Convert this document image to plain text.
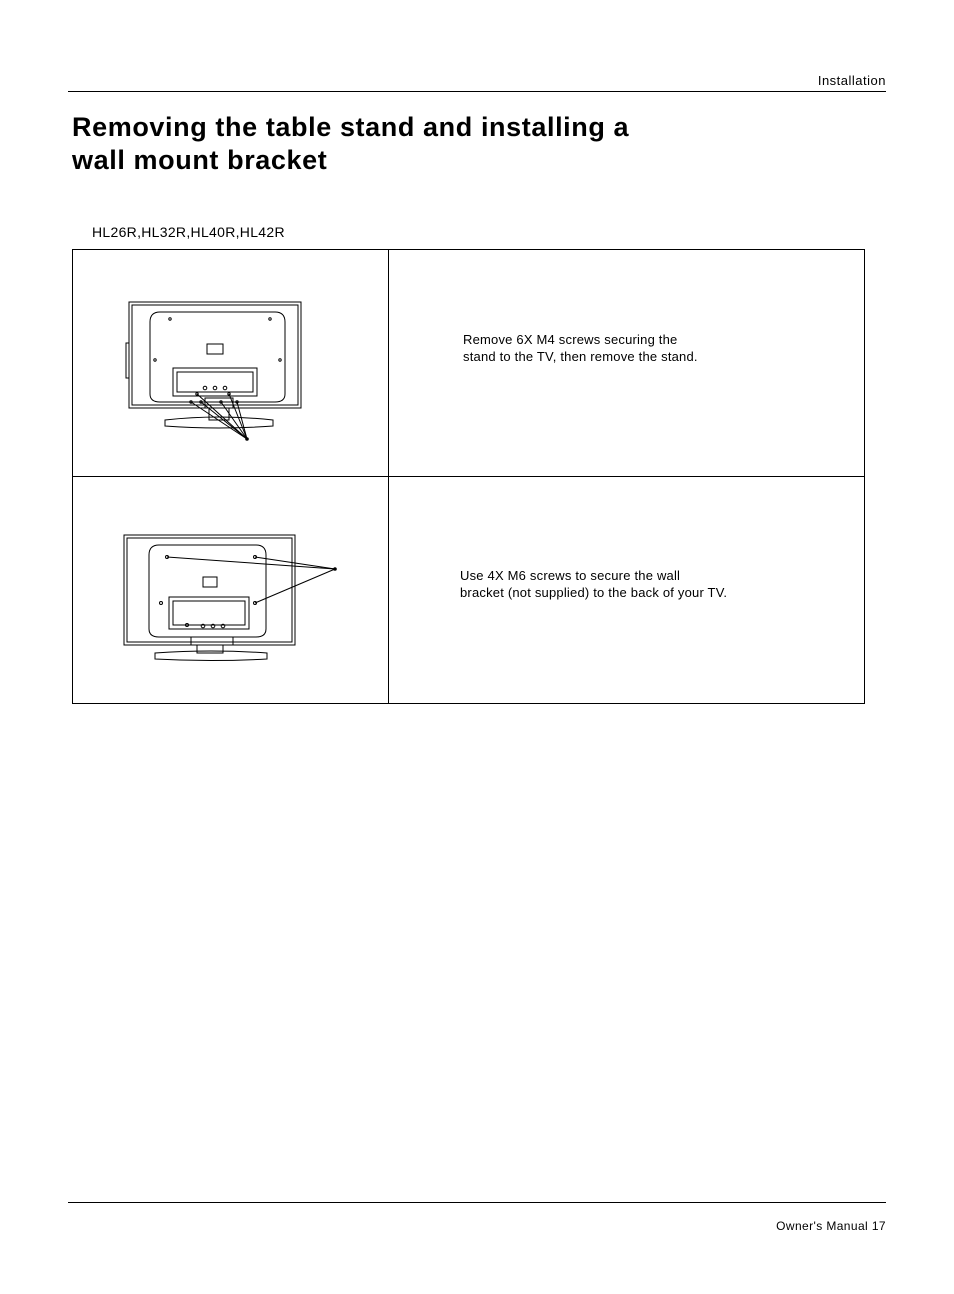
Installation
Removing the table stand and installing a
wall mount bracket
HL26R,HL32R,HL40R,HL42R

Remove 6X M4 screws securing the
stand to the TV, then remove the stand.

Use 4X M6 screws to secure the wall
bracket (not supplied) to the back of your TV.

Owner's Manual 17
